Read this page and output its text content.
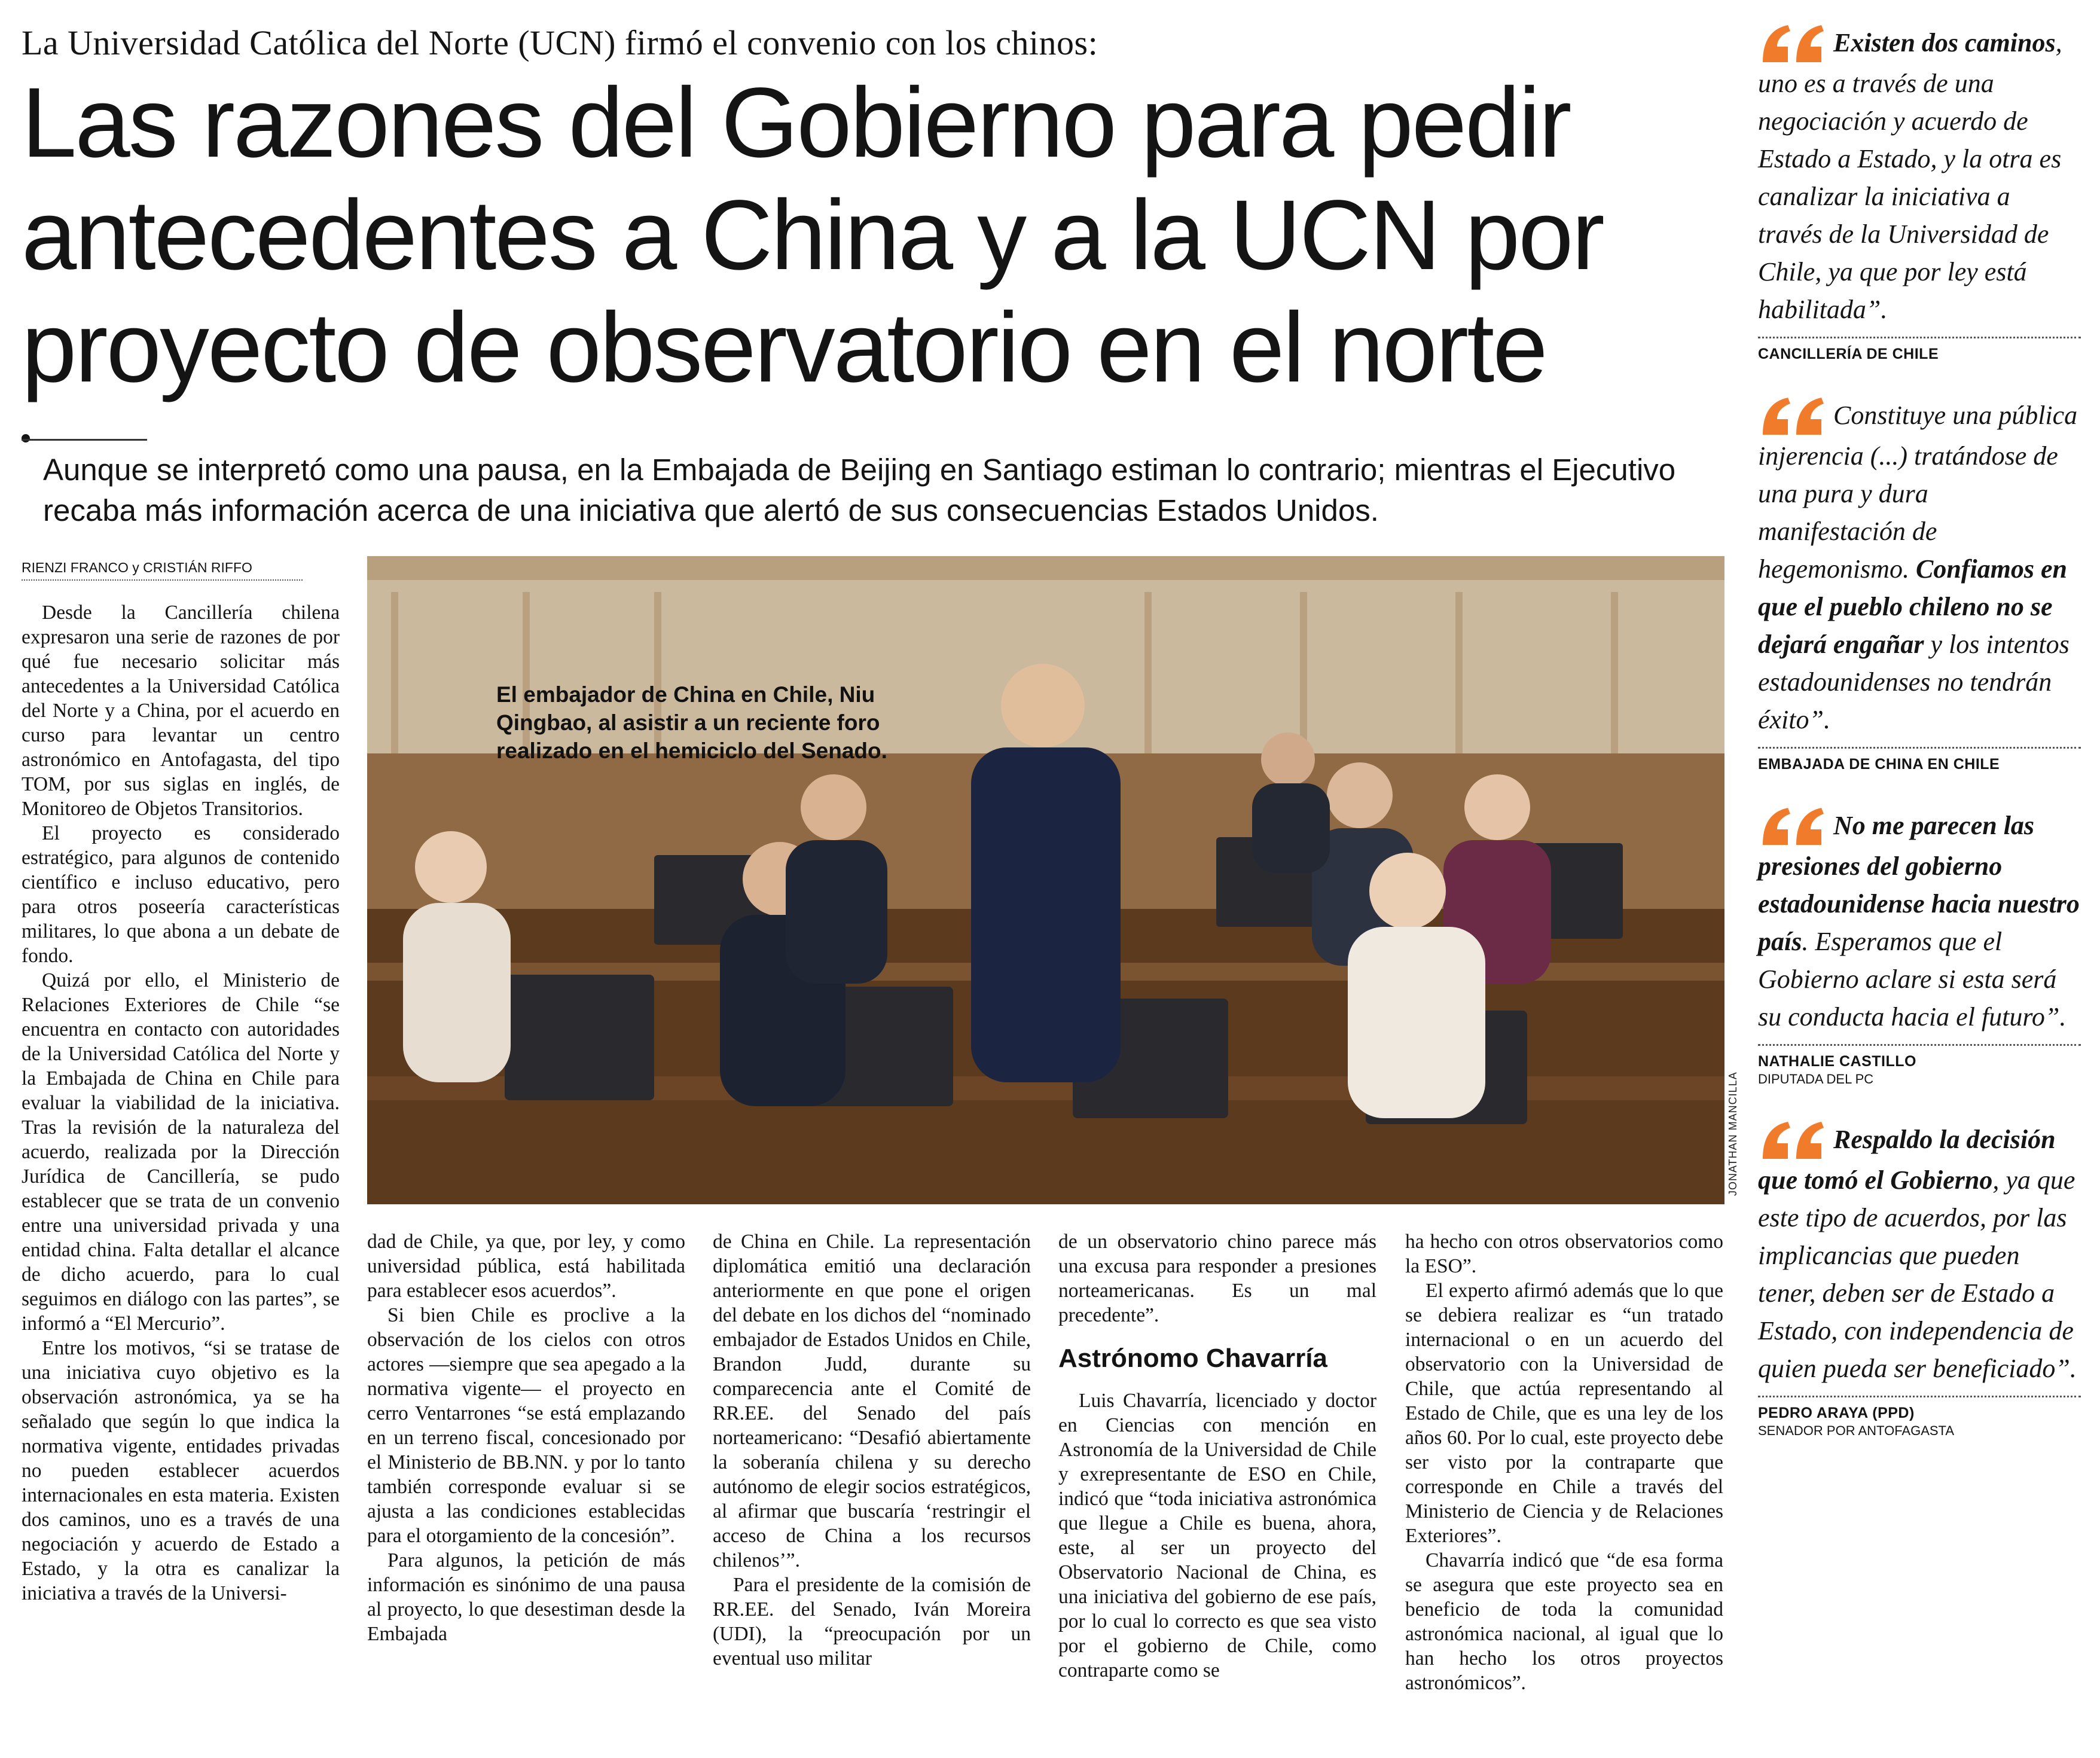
La Universidad Católica del Norte (UCN) firmó el convenio con los chinos:
Las razones del Gobierno para pedir antecedentes a China y a la UCN por proyecto de observatorio en el norte
Aunque se interpretó como una pausa, en la Embajada de Beijing en Santiago estiman lo contrario; mientras el Ejecutivo recaba más información acerca de una iniciativa que alertó de sus consecuencias Estados Unidos.
RIENZI FRANCO y CRISTIÁN RIFFO

Desde la Cancillería chilena expresaron una serie de razones de por qué fue necesario solicitar más antecedentes a la Universidad Católica del Norte y a China, por el acuerdo en curso para levantar un centro astronómico en Antofagasta, del tipo TOM, por sus siglas en inglés, de Monitoreo de Objetos Transitorios.

El proyecto es considerado estratégico, para algunos de contenido científico e incluso educativo, pero para otros poseería características militares, lo que abona a un debate de fondo.

Quizá por ello, el Ministerio de Relaciones Exteriores de Chile “se encuentra en contacto con autoridades de la Universidad Católica del Norte y la Embajada de China en Chile para evaluar la viabilidad de la iniciativa. Tras la revisión de la naturaleza del acuerdo, realizada por la Dirección Jurídica de Cancillería, se pudo establecer que se trata de un convenio entre una universidad privada y una entidad china. Falta detallar el alcance de dicho acuerdo, para lo cual seguimos en diálogo con las partes”, se informó a “El Mercurio”.

Entre los motivos, “si se tratase de una iniciativa cuyo objetivo es la observación astronómica, ya se ha señalado que según lo que indica la normativa vigente, entidades privadas no pueden establecer acuerdos internacionales en esta materia. Existen dos caminos, uno es a través de una negociación y acuerdo de Estado a Estado, y la otra es canalizar la iniciativa a través de la Universi-

El embajador de China en Chile, Niu Qingbao, al asistir a un reciente foro realizado en el hemiciclo del Senado.
JONATHAN MANCILLA

dad de Chile, ya que, por ley, y como universidad pública, está habilitada para establecer esos acuerdos”.

Si bien Chile es proclive a la observación de los cielos con otros actores —siempre que sea apegado a la normativa vigente— el proyecto en cerro Ventarrones “se está emplazando en un terreno fiscal, concesionado por el Ministerio de BB.NN. y por lo tanto también corresponde evaluar si se ajusta a las condiciones establecidas para el otorgamiento de la concesión”.

Para algunos, la petición de más información es sinónimo de una pausa al proyecto, lo que desestiman desde la Embajada

de China en Chile. La representación diplomática emitió una declaración anteriormente en que pone el origen del debate en los dichos del “nominado embajador de Estados Unidos en Chile, Brandon Judd, durante su comparecencia ante el Comité de RR.EE. del Senado del país norteamericano: “Desafió abiertamente la soberanía chilena y su derecho autónomo de elegir socios estratégicos, al afirmar que buscaría ‘restringir el acceso de China a los recursos chilenos’”.

Para el presidente de la comisión de RR.EE. del Senado, Iván Moreira (UDI), la “preocupación por un eventual uso militar

de un observatorio chino parece más una excusa para responder a presiones norteamericanas. Es un mal precedente”.

Astrónomo Chavarría

Luis Chavarría, licenciado y doctor en Ciencias con mención en Astronomía de la Universidad de Chile y exrepresentante de ESO en Chile, indicó que “toda iniciativa astronómica que llegue a Chile es buena, ahora, este, al ser un proyecto del Observatorio Nacional de China, es una iniciativa del gobierno de ese país, por lo cual lo correcto es que sea visto por el gobierno de Chile, como contraparte como se

ha hecho con otros observatorios como la ESO”.

El experto afirmó además que lo que se debiera realizar es “un tratado internacional o en un acuerdo del observatorio con la Universidad de Chile, que actúa representando al Estado de Chile, que es una ley de los años 60. Por lo cual, este proyecto debe ser visto por la contraparte que corresponde en Chile a través del Ministerio de Ciencia y de Relaciones Exteriores”.

Chavarría indicó que “de esa forma se asegura que este proyecto sea en beneficio de toda la comunidad astronómica nacional, al igual que lo han hecho los otros proyectos astronómicos”.

Existen dos caminos, uno es a través de una negociación y acuerdo de Estado a Estado, y la otra es canalizar la iniciativa a través de la Universidad de Chile, ya que por ley está habilitada”.
CANCILLERÍA DE CHILE
Constituye una pública injerencia (...) tratándose de una pura y dura manifestación de hegemonismo. Confiamos en que el pueblo chileno no se dejará engañar y los intentos estadounidenses no tendrán éxito”.
EMBAJADA DE CHINA EN CHILE
No me parecen las presiones del gobierno estadounidense hacia nuestro país. Esperamos que el Gobierno aclare si esta será su conducta hacia el futuro”.
NATHALIE CASTILLO
DIPUTADA DEL PC
Respaldo la decisión que tomó el Gobierno, ya que este tipo de acuerdos, por las implicancias que pueden tener, deben ser de Estado a Estado, con independencia de quien pueda ser beneficiado”.
PEDRO ARAYA (PPD)
SENADOR POR ANTOFAGASTA
